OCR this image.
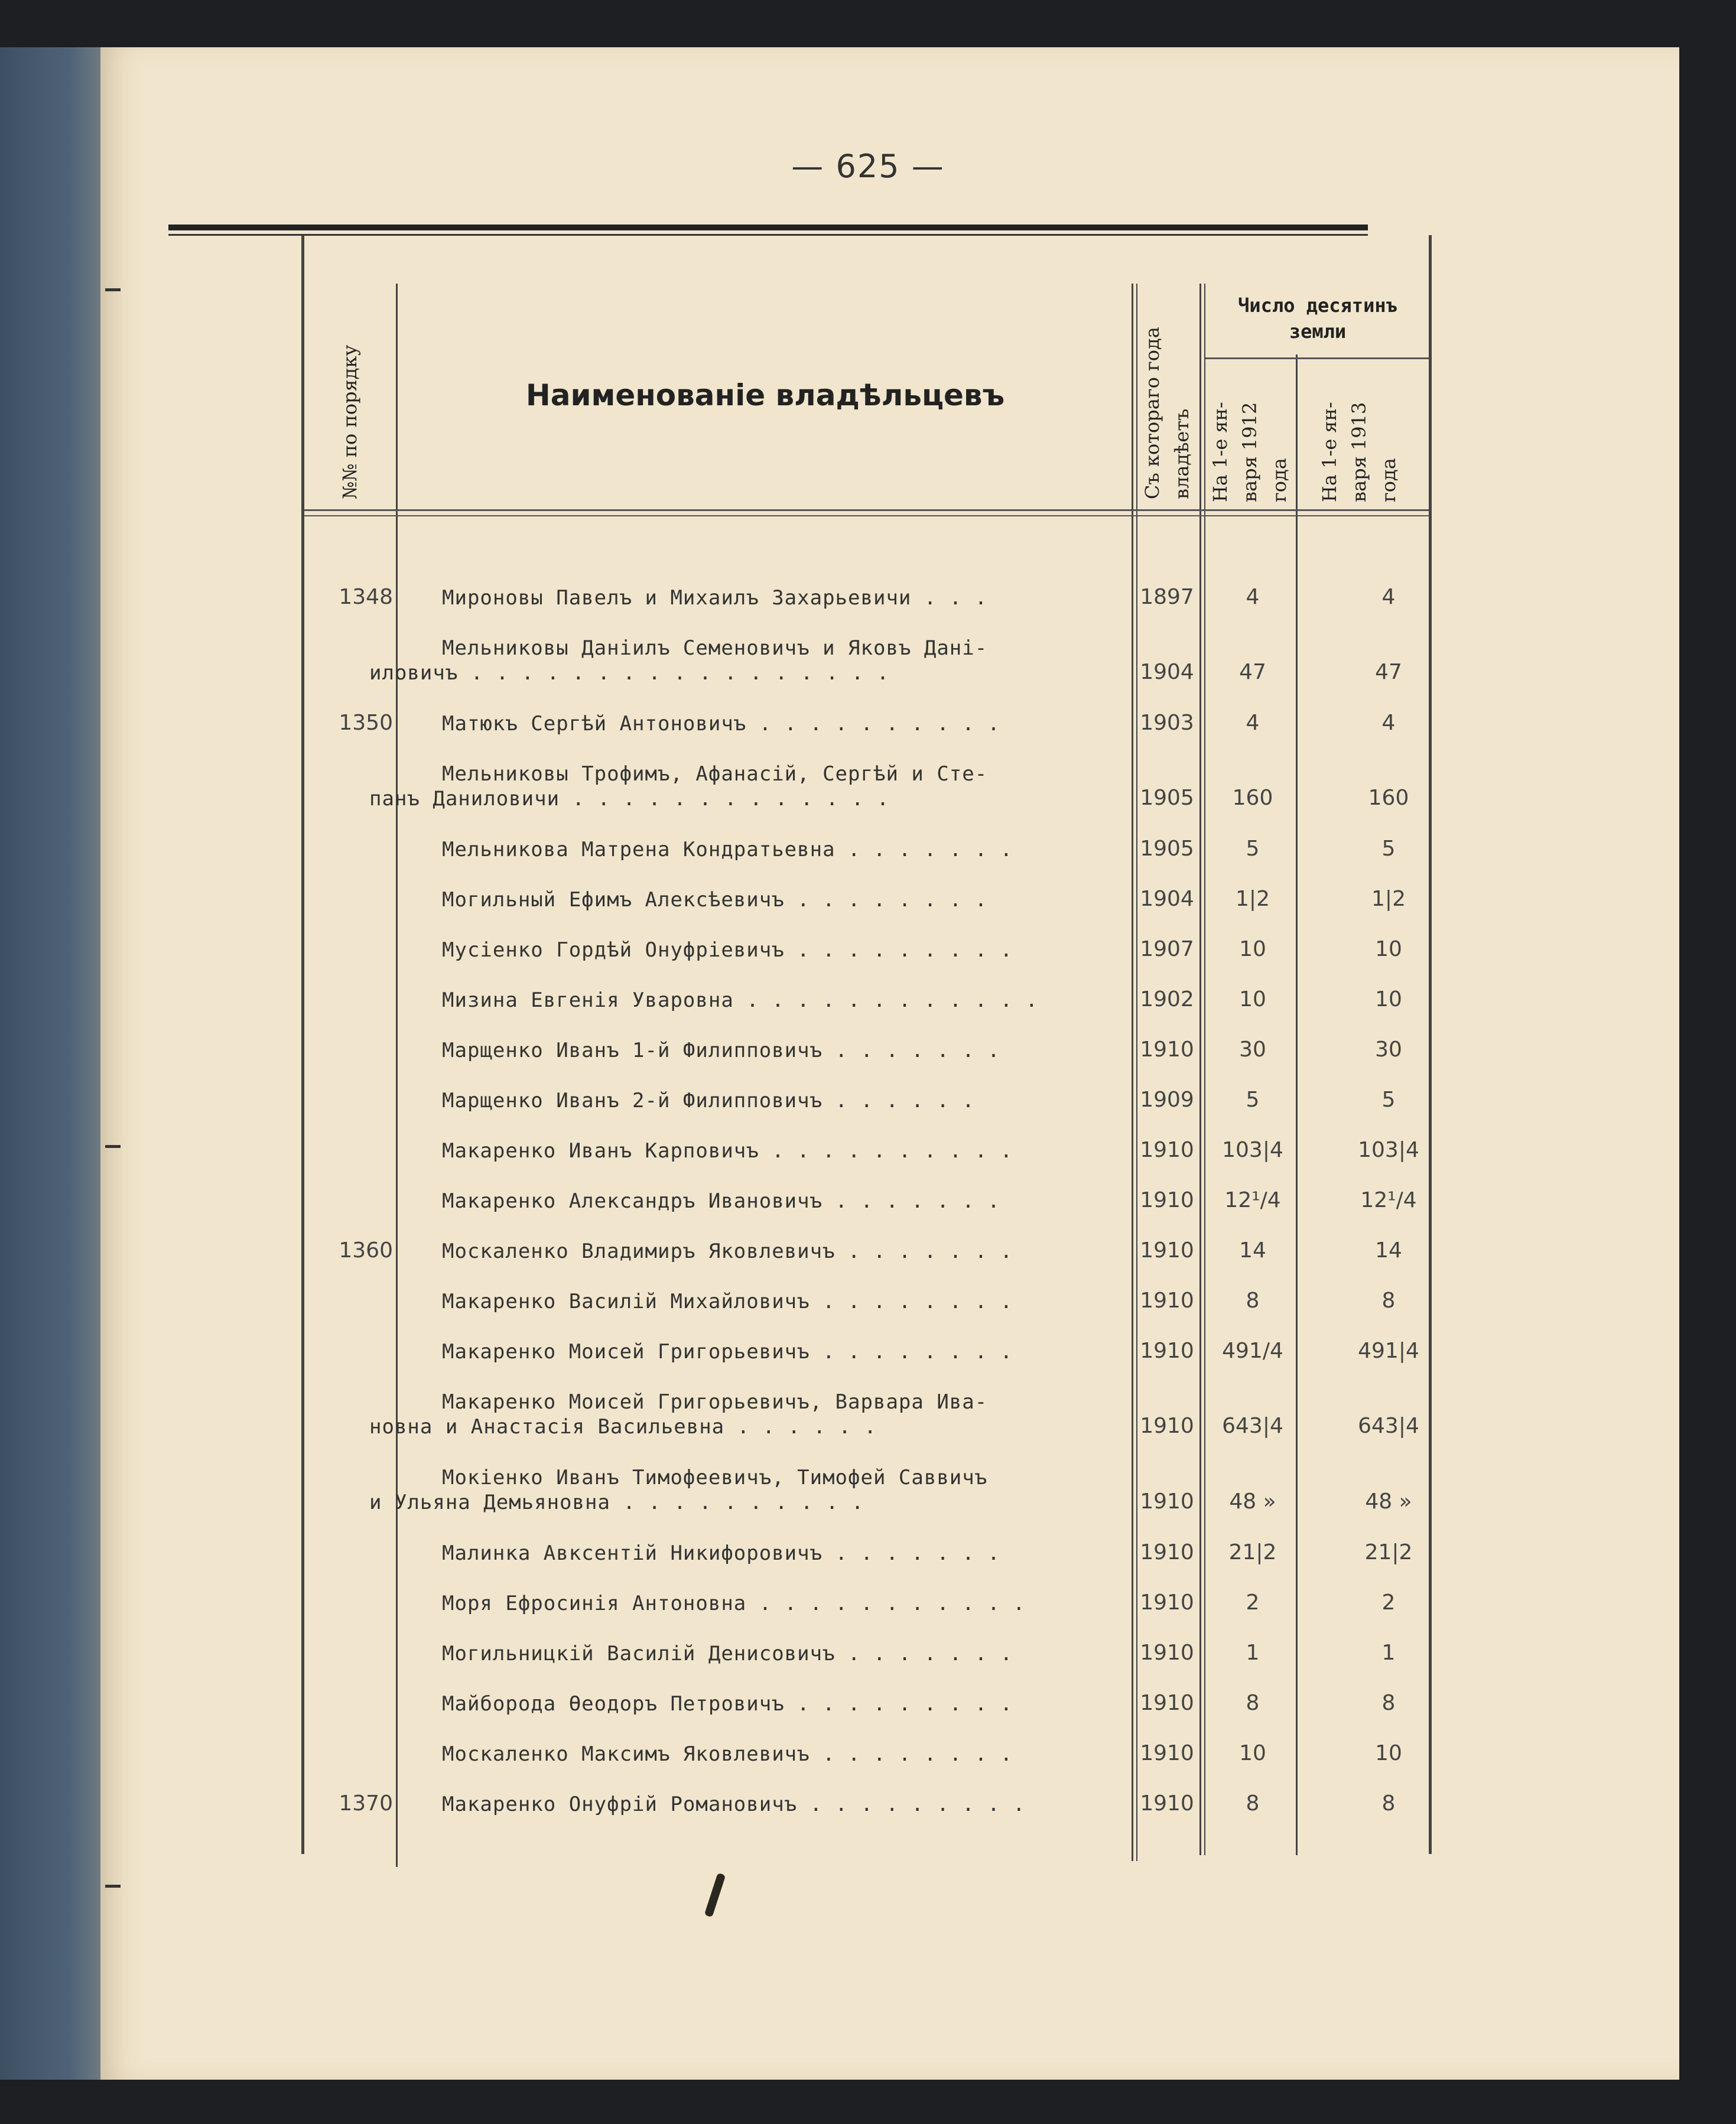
— 625 —
№№ по порядку	Наименованіе владѣльцевъ	Съ котораго года владѣетъ
Число десятинъ земли
На 1-е ян-варя 1912 года На 1-е ян-варя 1913 года
1348 Мироновы Павелъ и Михаилъ Захарьевичи . . .	1897	4	4
Мельниковы Даніилъ Семеновичъ и Яковъ Дані-
иловичъ . . . . . . . . . . . . . . . . .	1904	47	47
1350 Матюкъ Сергѣй Антоновичъ . . . . . . . . . .	1903	4	4
Мельниковы Трофимъ, Афанасій, Сергѣй и Сте-
панъ Даниловичи . . . . . . . . . . . . .	1905	160	160
Мельникова Матрена Кондратьевна . . . . . . .	1905	5	5
Могильный Ефимъ Алексѣевичъ . . . . . . . .	1904	1|2	1|2
Мусіенко Гордѣй Онуфріевичъ . . . . . . . . .	1907	10	10
Мизина Евгенія Уваровна . . . . . . . . . . . .	1902	10	10
Марщенко Иванъ 1-й Филипповичъ . . . . . . .	1910	30	30
Марщенко Иванъ 2-й Филипповичъ . . . . . .	1909	5	5
Макаренко Иванъ Карповичъ . . . . . . . . . .	1910	103|4	103|4
Макаренко Александръ Ивановичъ . . . . . . .	1910	12¹/4	12¹/4
1360 Москаленко Владимиръ Яковлевичъ . . . . . . .	1910	14	14
Макаренко Василій Михайловичъ . . . . . . . .	1910	8	8
Макаренко Моисей Григорьевичъ . . . . . . . .	1910	491/4	491|4
Макаренко Моисей Григорьевичъ, Варвара Ива-
новна и Анастасія Васильевна . . . . . .	1910	643|4	643|4
Мокіенко Иванъ Тимофеевичъ, Тимофей Саввичъ
и Ульяна Демьяновна . . . . . . . . . .	1910	48 »	48 »
Малинка Авксентій Никифоровичъ . . . . . . .	1910	21|2	21|2
Моря Ефросинія Антоновна . . . . . . . . . . .	1910	2	2
Могильницкій Василій Денисовичъ . . . . . . .	1910	1	1
Майборода Өеодоръ Петровичъ . . . . . . . . .	1910	8	8
Москаленко Максимъ Яковлевичъ . . . . . . . .	1910	10	10
1370 Макаренко Онуфрій Романовичъ . . . . . . . . .	1910	8	8
